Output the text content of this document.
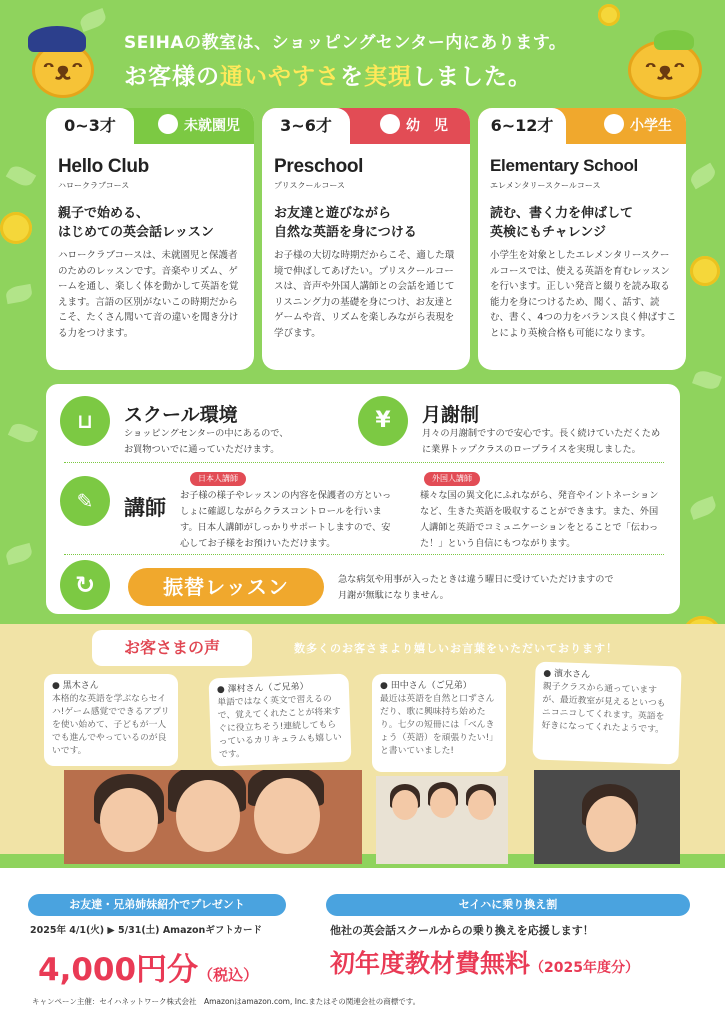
ᵔᴥᵔ	ᵔᴥᵔ
SEIHAの教室は、ショッピングセンター内にあります。
お客様の通いやすさを実現しました。
0~3才	未就園児
Hello Club
ハロークラブコース
親子で始める、
はじめての英会話レッスン
ハロークラブコースは、未就園児と保護者のためのレッスンです。音楽やリズム、ゲームを通し、楽しく体を動かして英語を覚えます。言語の区別がないこの時期だからこそ、たくさん聞いて音の違いを聞き分ける力をつけます。
3~6才	幼　児
Preschool
プリスクールコース
お友達と遊びながら
自然な英語を身につける
お子様の大切な時期だからこそ、適した環境で伸ばしてあげたい。プリスクールコースは、音声や外国人講師との会話を通じてリスニング力の基礎を身につけ、お友達とゲームや音、リズムを楽しみながら表現を学びます。
6~12才	小学生
Elementary School
エレメンタリースクールコース
読む、書く力を伸ばして
英検にもチャレンジ
小学生を対象としたエレメンタリースクールコースでは、使える英語を育むレッスンを行います。正しい発音と綴りを読み取る能力を身につけるため、聞く、話す、読む、書く、4つの力をバランス良く伸ばすことにより英検合格も可能になります。
⊔	スクール環境
ショッピングセンターの中にあるので、
お買物ついでに通っていただけます。
¥	月謝制
月々の月謝制ですので安心です。長く続けていただくために業界トップクラスのロープライスを実現しました。
✎	講師
日本人講師
お子様の様子やレッスンの内容を保護者の方といっしょに確認しながらクラスコントロールを行います。日本人講師がしっかりサポートしますので、安心してお子様をお預けいただけます。
外国人講師
様々な国の異文化にふれながら、発音やイントネーションなど、生きた英語を吸収することができます。また、外国人講師と英語でコミュニケーションをとることで「伝わった！」という自信にもつながります。
↻	振替レッスン	急な病気や用事が入ったときは違う曜日に受けていただけますので
月謝が無駄になりません。
お客さまの声	数多くのお客さまより嬉しいお言葉をいただいております！
● 黒木さん
本格的な英語を学ぶならセイハ!ゲーム感覚でできるアプリを使い始めて、子どもが一人でも進んでやっているのが良いです。
● 澤村さん（ご兄弟）
単語ではなく英文で習えるので、覚えてくれたことが将来すぐに役立ちそう!連続してもらっているカリキュラムも嬉しいです。
● 田中さん（ご兄弟）
最近は英語を自然と口ずさんだり、歌に興味持ち始めたり。七夕の短冊には「べんきょう（英語）を頑張りたい!」と書いていました!
● 濱水さん
親子クラスから通っていますが、最近教室が見えるといつもニコニコしてくれます。英語を好きになってくれたようです。
お友達・兄弟姉妹紹介でプレゼント
2025年 4/1(火) ▶ 5/31(土) Amazonギフトカード
4,000円分（税込）
セイハに乗り換え割
他社の英会話スクールからの乗り換えを応援します！
初年度教材費無料（2025年度分）
キャンペーン主催：セイハネットワーク株式会社　Amazonはamazon.com, Inc.またはその関連会社の商標です。
